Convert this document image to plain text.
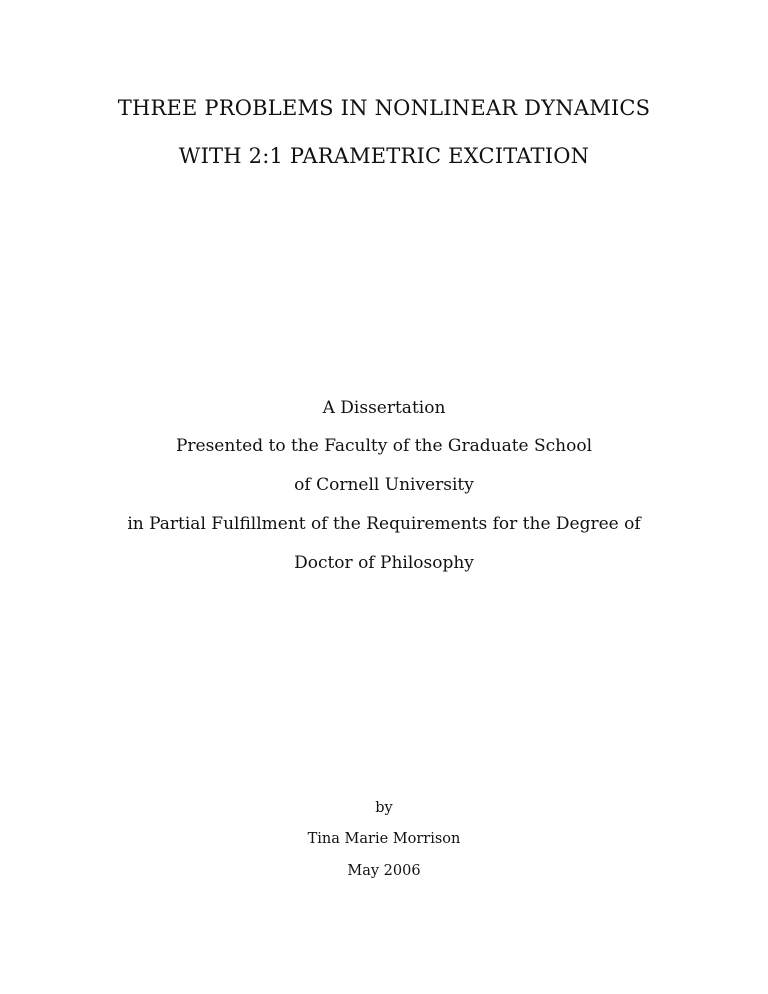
THREE PROBLEMS IN NONLINEAR DYNAMICS
WITH 2:1 PARAMETRIC EXCITATION
A Dissertation
Presented to the Faculty of the Graduate School
of Cornell University
in Partial Fulfillment of the Requirements for the Degree of
Doctor of Philosophy
by
Tina Marie Morrison
May 2006
